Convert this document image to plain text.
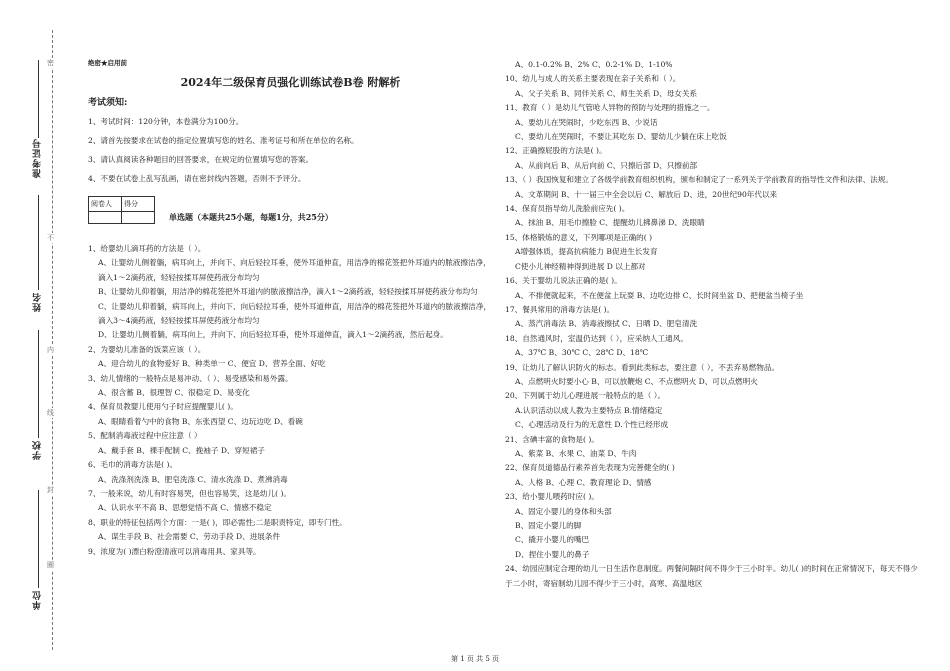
准考证号
姓名
学校
单位
密
不
内
线
封
圈
绝密★启用前
2024年二级保育员强化训练试卷B卷 附解析
考试须知:
1、考试时间：120分钟，本卷满分为100分。
2、请首先按要求在试卷的指定位置填写您的姓名、准考证号和所在单位的名称。
3、请认真阅读各种题目的回答要求，在规定的位置填写您的答案。
4、不要在试卷上乱写乱画，请在密封线内答题，否则不予评分。
阅卷人	得分

单选题（本题共25小题，每题1分，共25分）
1、给婴幼儿滴耳药的方法是（ ）。
A、让婴幼儿侧着躺，病耳向上，并向下、向后轻拉耳垂，使外耳道伸直，用洁净的棉花签把外耳道内的脓液擦洁净，滴入1～2滴药液，轻轻按揉耳屏使药液分布均匀
B、让婴幼儿仰着躺，用洁净的棉花签把外耳道内的脓液擦洁净，滴入1～2滴药液，轻轻按揉耳屏使药液分布均匀
C、让婴幼儿仰着躺，病耳向上，并向下、向后轻拉耳垂，使外耳道伸直，用洁净的棉花签把外耳道内的脓液擦洁净，滴入3～4滴药液，轻轻按揉耳屏使药液分布均匀
D、让婴幼儿侧着躺，病耳向上，并向下、向后轻拉耳垂，使外耳道伸直，滴入1～2滴药液，然后起身。
2、为婴幼儿准备的饭菜应该（ ）。
A、迎合幼儿的食物爱好 B、种类单一 C、便宜 D、营养全面、好吃
3、幼儿情绪的一般特点是易冲动、（ ）、易受感染和易外露。
A、很含蓄 B、很理智 C、很稳定 D、易变化
4、保育员教婴儿使用勺子时应提醒婴儿( )。
A、眼睛看着勺中的食物 B、东张西望 C、边玩边吃 D、看碗
5、配制消毒液过程中应注意（ ）
A、戴手套 B、裸手配制 C、挽袖子 D、穿短裙子
6、毛巾的消毒方法是( )。
A、洗涤剂洗涤 B、肥皂洗涤 C、清水洗涤 D、煮沸消毒
7、一般来说，幼儿有时容易哭，但也容易笑，这是幼儿( )。
A、认识水平不高 B、思想觉悟不高 C、情感不稳定
8、职业的特征包括两个方面：一是( )，即必需性;二是职责特定，即专门性。
A、谋生手段 B、社会需要 C、劳动手段 D、进展条件
9、浓度为( )漂白粉澄清液可以消毒用具、家具等。
A、0.1-0.2% B、2% C、0.2-1% D、1-10%
10、幼儿与成人的关系主要表现在亲子关系和（ ）。
A、父子关系 B、同伴关系 C、师生关系 D、母女关系
11、教育（ ）是幼儿气管呛人异物的预防与处理的措施之一。
A、要幼儿在哭闹时，少吃东西 B、少说话
C、要幼儿在哭闹时，不要让其吃东 D、婴幼儿少躺在床上吃饭
12、正确擦屁股的方法是( )。
A、从前向后 B、从后向前 C、只擦后部 D、只擦前部
13、（ ）我国恢复和建立了各级学前教育组织机构，颁布和制定了一系列关于学前教育的指导性文件和法律、法规。
A、文革期间 B、十一届三中全会以后 C、解放后 D、进，20世纪90年代以来
14、保育员指导幼儿洗脸前应先( )。
A、抹油 B、用毛巾擦脸 C、提醒幼儿拂鼻涕 D、洗眼睛
15、体格锻炼的意义，下列哪项是正确的( )
A增强体质，提高抗病能力 B促进生长发育
C使小儿神经精神得到进展 D 以上都对
16、关于婴幼儿说法正确的是( )。
A、不排便就起来，不在便盆上玩耍 B、边吃边排 C、长时间坐盆 D、把便盆当椅子坐
17、餐具常用的消毒方法是( )。
A、蒸汽消毒法 B、消毒液擦拭 C、日晒 D、肥皂清洗
18、自然通风时，室温仍达到（ ），应采纳人工通风。
A、37℃ B、30℃ C、28℃ D、18℃
19、让幼儿了解认识防火的标志。看到此类标志，要注意（ ），不丢弃易燃物品。
A、点燃明火时要小心 B、可以放鞭炮 C、不点燃明火 D、可以点燃明火
20、下列属于幼儿心理进展一般特点的是（ ）。
A.认识活动以成人教为主要特点 B.情绪稳定
C、心理活动及行为的无意性 D.个性已经形成
21、含碘丰富的食物是( )。
A、紫菜 B、水果 C、油菜 D、牛肉
22、保育员道德品行素养首先表现为完善健全的( )
A、人格 B、心理 C、教育理论 D、情感
23、给小婴儿喂药时应( )。
A、固定小婴儿的身体和头部
B、固定小婴儿的脚
C、撬开小婴儿的嘴巴
D、捏住小婴儿的鼻子
24、幼园应制定合理的幼儿一日生活作息制度。两餐间隔时间不得少于三小时半。幼儿( )的时间在正常情况下，每天不得少于二小时，寄宿制幼儿园不得少于三小时，高寒、高温地区
第 1 页 共 5 页
